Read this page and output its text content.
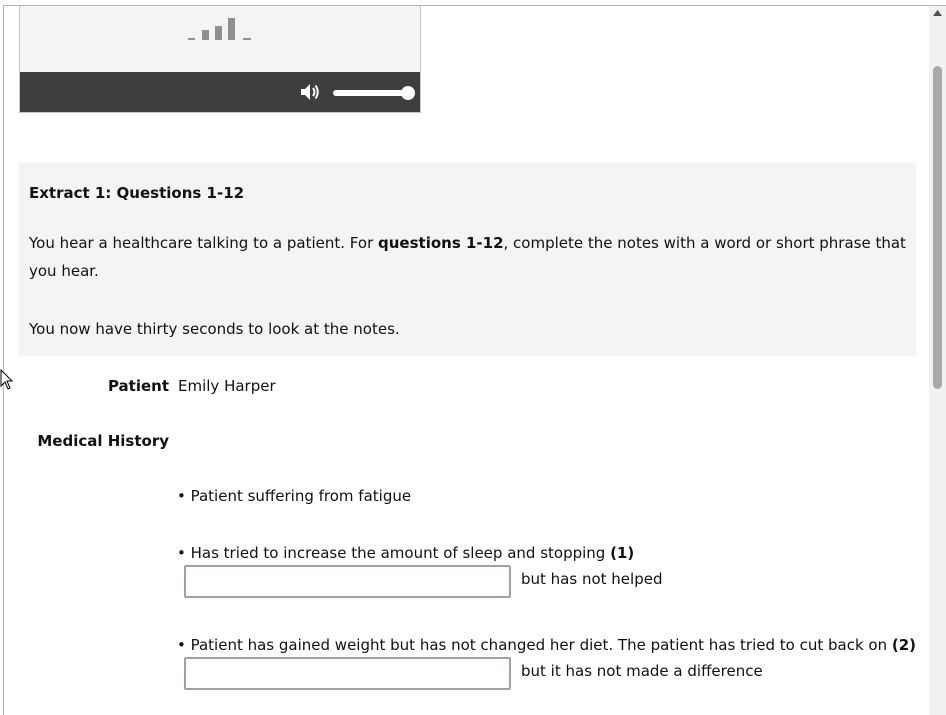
Extract 1: Questions 1-12

You hear a healthcare talking to a patient. For questions 1-12, complete the notes with a word or short phrase that you hear.

You now have thirty seconds to look at the notes.

Patient Emily Harper
Medical History
• Patient suffering from fatigue
• Has tried to increase the amount of sleep and stopping (1)
but has not helped
• Patient has gained weight but has not changed her diet. The patient has tried to cut back on (2)
but it has not made a difference
